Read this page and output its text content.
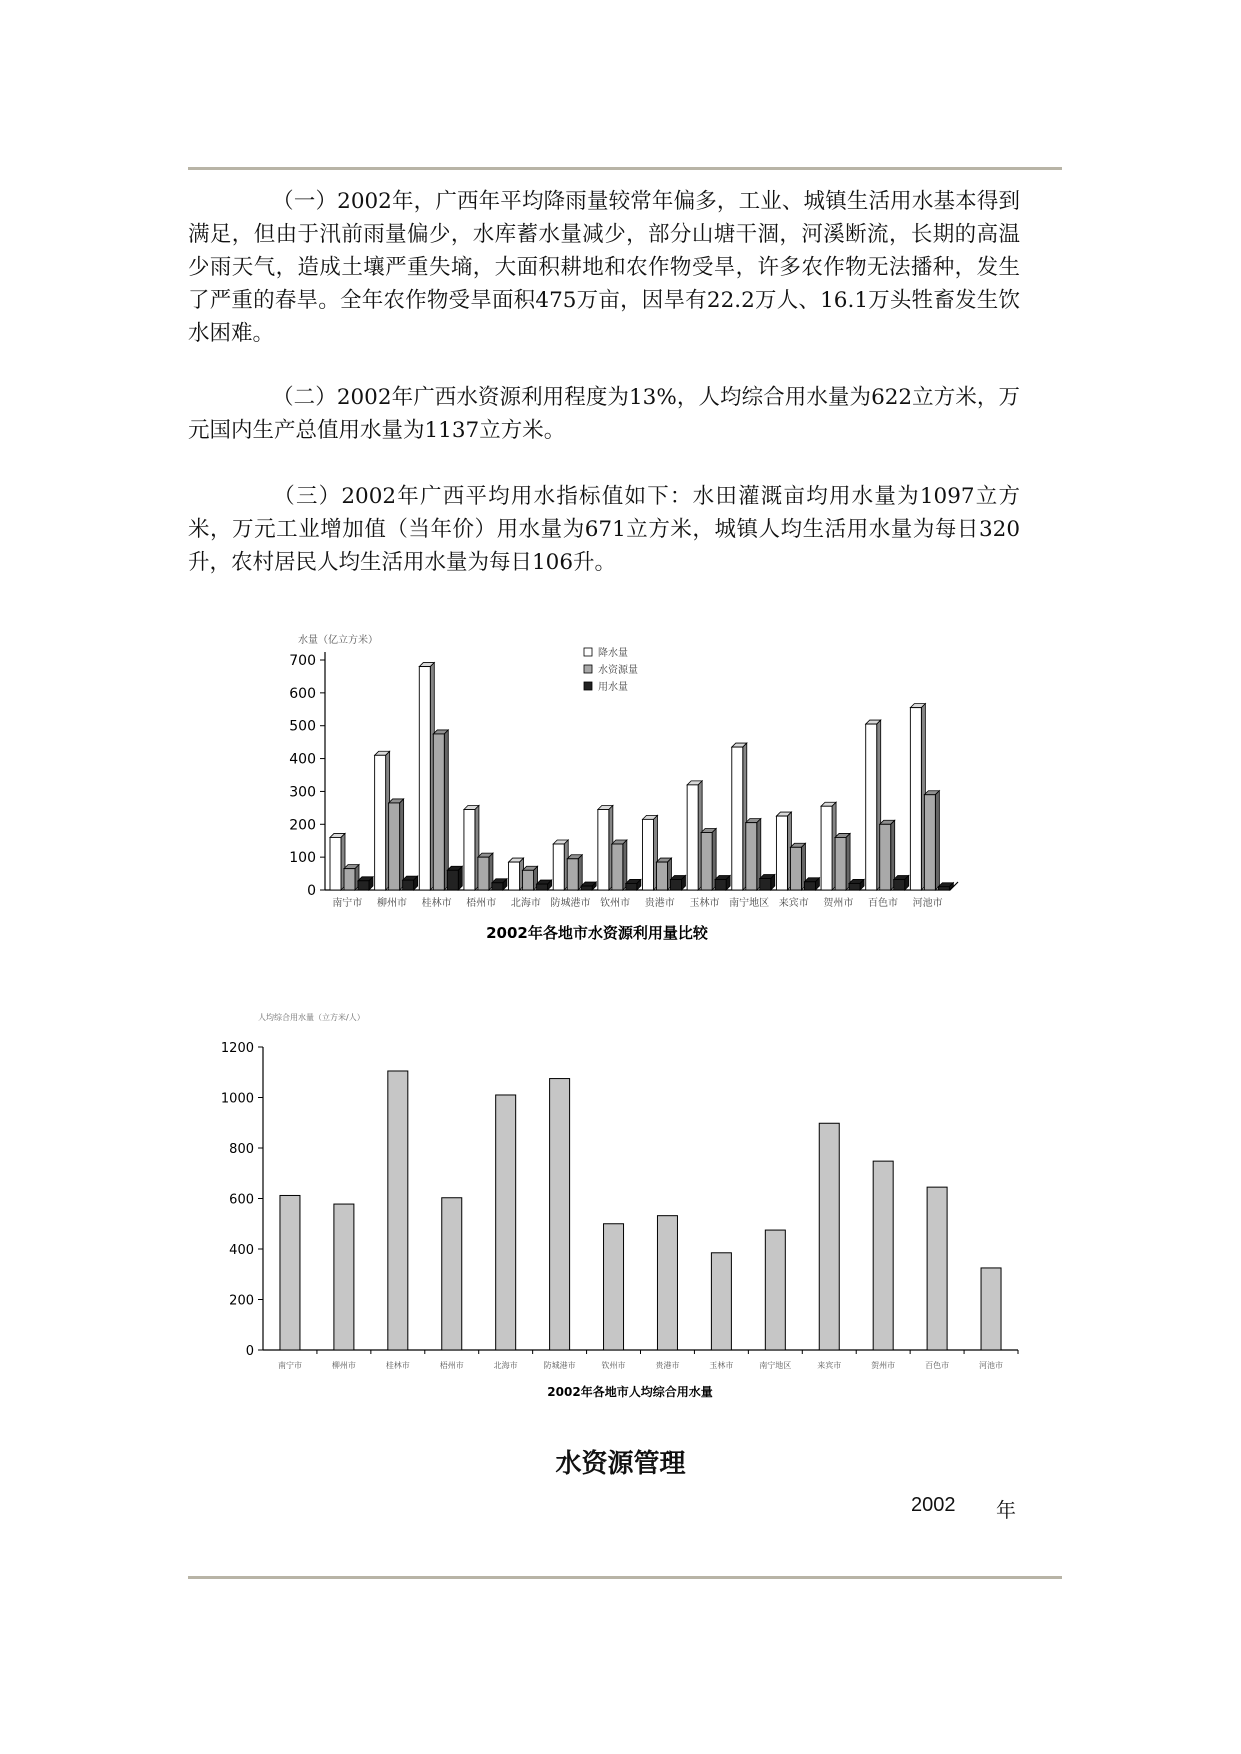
（一）2002年，广西年平均降雨量较常年偏多，工业、城镇生活用水基本得到满足，但由于汛前雨量偏少，水库蓄水量减少，部分山塘干涸，河溪断流，长期的高温少雨天气，造成土壤严重失墒，大面积耕地和农作物受旱，许多农作物无法播种，发生了严重的春旱。全年农作物受旱面积475万亩，因旱有22.2万人、16.1万头牲畜发生饮水困难。

（二）2002年广西水资源利用程度为13%，人均综合用水量为622立方米，万元国内生产总值用水量为1137立方米。

（三）2002年广西平均用水指标值如下：水田灌溉亩均用水量为1097立方米，万元工业增加值（当年价）用水量为671立方米，城镇人均生活用水量为每日320升，农村居民人均生活用水量为每日106升。

0
100
200
300
400
500
600
700
水量（亿立方米）
南宁市 柳州市 桂林市 梧州市 北海市 防城港市 钦州市 贵港市 玉林市 南宁地区 来宾市 贺州市 百色市 河池市
降水量
水资源量
用水量
2002年各地市水资源利用量比较
0
200
400
600
800
1000
1200
人均综合用水量（立方米/人）
南宁市	柳州市	桂林市	梧州市	北海市	防城港市	钦州市	贵港市	玉林市	南宁地区	来宾市	贺州市	百色市	河池市
2002年各地市人均综合用水量
水资源管理
2002 年
